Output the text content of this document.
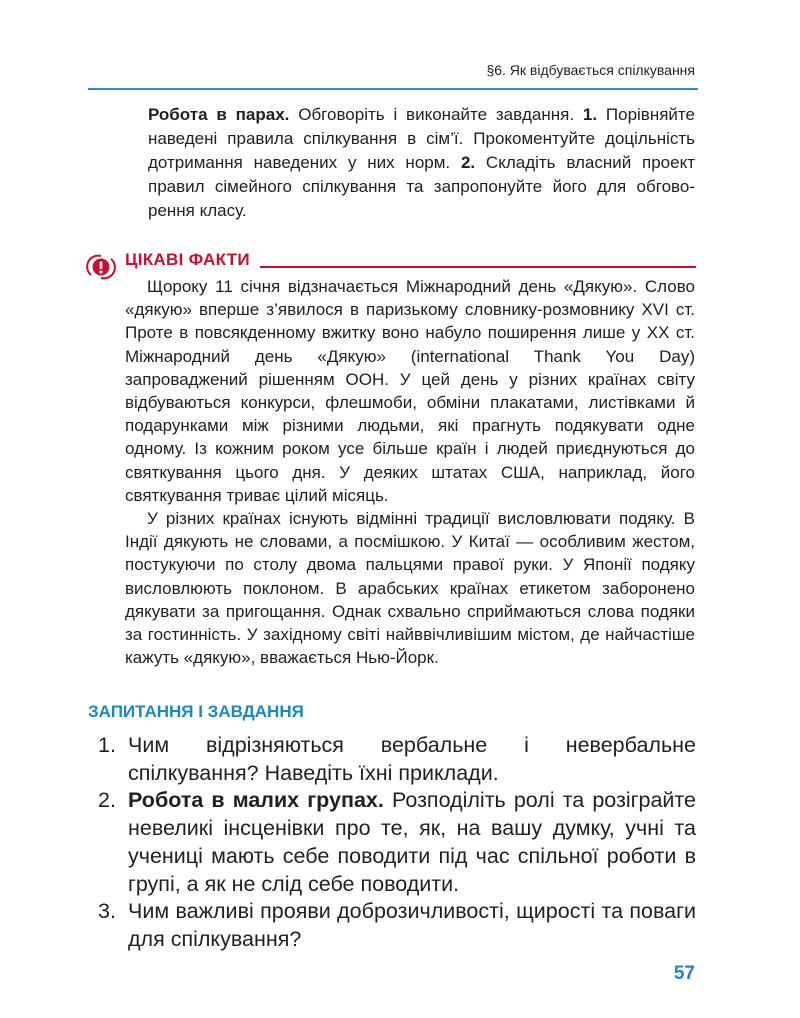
§6. Як відбувається спілкування
Робота в парах. Обговоріть і виконайте завдання. 1. Порівняйте наведені правила спілкування в сім’ї. Прокоментуйте доцільність дотримання наведених у них норм. 2. Складіть власний проект правил сімейного спілкування та запропонуйте його для обговорення класу.
ЦІКАВІ ФАКТИ

Щороку 11 січня відзначається Міжнародний день «Дякую». Слово «дякую» вперше з’явилося в паризькому словнику-розмовнику XVI ст. Проте в повсякденному вжитку воно набуло поширення лише у ХХ ст. Міжнародний день «Дякую» (international Thank You Day) запроваджений рішенням ООН. У цей день у різних країнах світу відбуваються конкурси, флешмоби, обміни плакатами, листівками й подарунками між різними людьми, які прагнуть подякувати одне одному. Із кожним роком усе більше країн і людей приєднуються до святкування цього дня. У деяких штатах США, наприклад, його святкування триває цілий місяць.

У різних країнах існують відмінні традиції висловлювати подяку. В Індії дякують не словами, а посмішкою. У Китаї — особливим жестом, постукуючи по столу двома пальцями правої руки. У Японії подяку висловлюють поклоном. В арабських країнах етикетом заборонено дякувати за пригощання. Однак схвально сприймаються слова подяки за гостинність. У західному світі найввічливішим містом, де найчастіше кажуть «дякую», вважається Нью-Йорк.

ЗАПИТАННЯ І ЗАВДАННЯ
1. Чим відрізняються вербальне і невербальне спілкування? Наведіть їхні приклади.
2. Робота в малих групах. Розподіліть ролі та розіграйте невеликі інсценівки про те, як, на вашу думку, учні та учениці мають себе поводити під час спільної роботи в групі, а як не слід себе поводити.
3. Чим важливі прояви доброзичливості, щирості та поваги для спілкування?
57
